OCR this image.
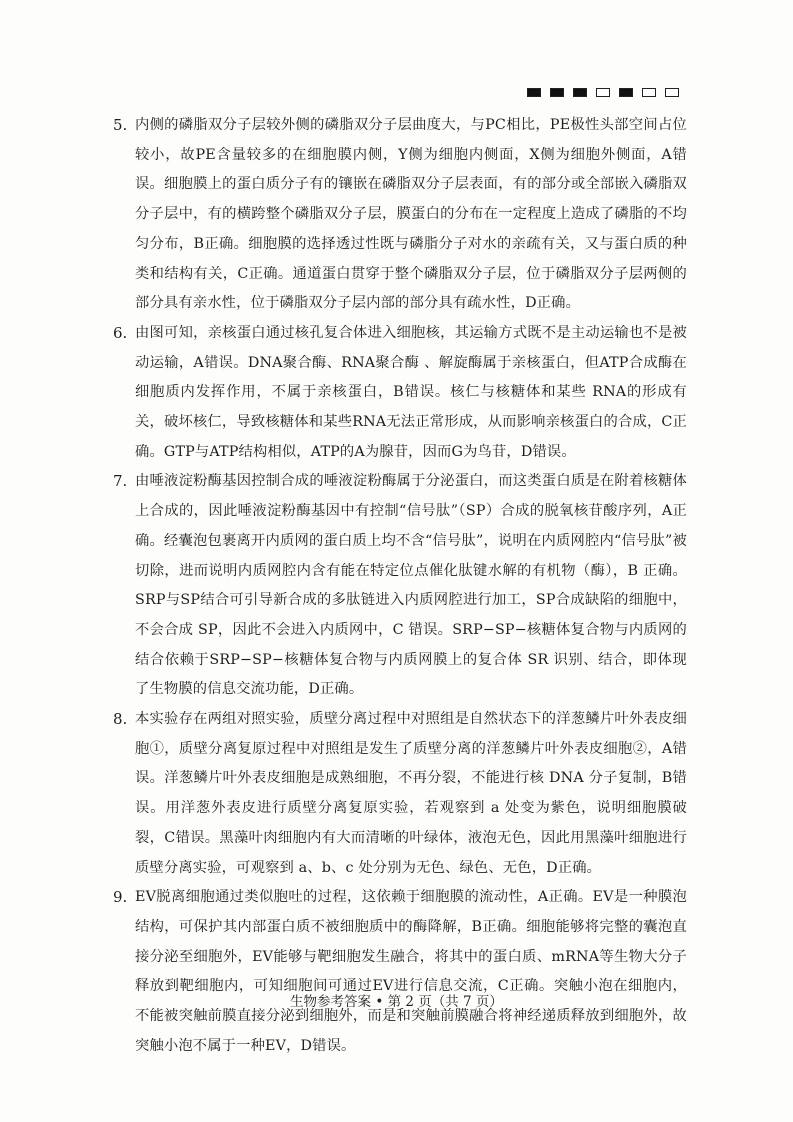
5. 内侧的磷脂双分子层较外侧的磷脂双分子层曲度大，与PC相比，PE极性头部空间占位较小，故PE含量较多的在细胞膜内侧，Y侧为细胞内侧面，X侧为细胞外侧面，A错误。细胞膜上的蛋白质分子有的镶嵌在磷脂双分子层表面，有的部分或全部嵌入磷脂双分子层中，有的横跨整个磷脂双分子层，膜蛋白的分布在一定程度上造成了磷脂的不均匀分布，B正确。细胞膜的选择透过性既与磷脂分子对水的亲疏有关，又与蛋白质的种类和结构有关，C正确。通道蛋白贯穿于整个磷脂双分子层，位于磷脂双分子层两侧的部分具有亲水性，位于磷脂双分子层内部的部分具有疏水性，D正确。

6. 由图可知，亲核蛋白通过核孔复合体进入细胞核，其运输方式既不是主动运输也不是被动运输，A错误。DNA聚合酶、RNA聚合酶 、解旋酶属于亲核蛋白，但ATP合成酶在细胞质内发挥作用，不属于亲核蛋白，B错误。核仁与核糖体和某些 RNA的形成有关，破坏核仁，导致核糖体和某些RNA无法正常形成，从而影响亲核蛋白的合成，C正确。GTP与ATP结构相似，ATP的A为腺苷，因而G为鸟苷，D错误。

7. 由唾液淀粉酶基因控制合成的唾液淀粉酶属于分泌蛋白，而这类蛋白质是在附着核糖体上合成的，因此唾液淀粉酶基因中有控制“信号肽”（SP）合成的脱氧核苷酸序列，A正确。经囊泡包裹离开内质网的蛋白质上均不含“信号肽”，说明在内质网腔内“信号肽”被切除，进而说明内质网腔内含有能在特定位点催化肽键水解的有机物（酶），B 正确。SRP与SP结合可引导新合成的多肽链进入内质网腔进行加工，SP合成缺陷的细胞中，不会合成 SP，因此不会进入内质网中，C 错误。SRP−SP−核糖体复合物与内质网的结合依赖于SRP−SP−核糖体复合物与内质网膜上的复合体 SR 识别、结合，即体现了生物膜的信息交流功能，D正确。

8. 本实验存在两组对照实验，质壁分离过程中对照组是自然状态下的洋葱鳞片叶外表皮细胞①，质壁分离复原过程中对照组是发生了质壁分离的洋葱鳞片叶外表皮细胞②，A错误。洋葱鳞片叶外表皮细胞是成熟细胞，不再分裂，不能进行核 DNA 分子复制，B错误。用洋葱外表皮进行质壁分离复原实验，若观察到 a 处变为紫色，说明细胞膜破裂，C错误。黑藻叶肉细胞内有大而清晰的叶绿体，液泡无色，因此用黑藻叶细胞进行质壁分离实验，可观察到 a、b、c 处分别为无色、绿色、无色，D正确。

9. EV脱离细胞通过类似胞吐的过程，这依赖于细胞膜的流动性，A正确。EV是一种膜泡结构，可保护其内部蛋白质不被细胞质中的酶降解，B正确。细胞能够将完整的囊泡直接分泌至细胞外，EV能够与靶细胞发生融合，将其中的蛋白质、mRNA等生物大分子释放到靶细胞内，可知细胞间可通过EV进行信息交流，C正确。突触小泡在细胞内，不能被突触前膜直接分泌到细胞外，而是和突触前膜融合将神经递质释放到细胞外，故突触小泡不属于一种EV，D错误。

生物参考答案 • 第 2 页（共 7 页）
